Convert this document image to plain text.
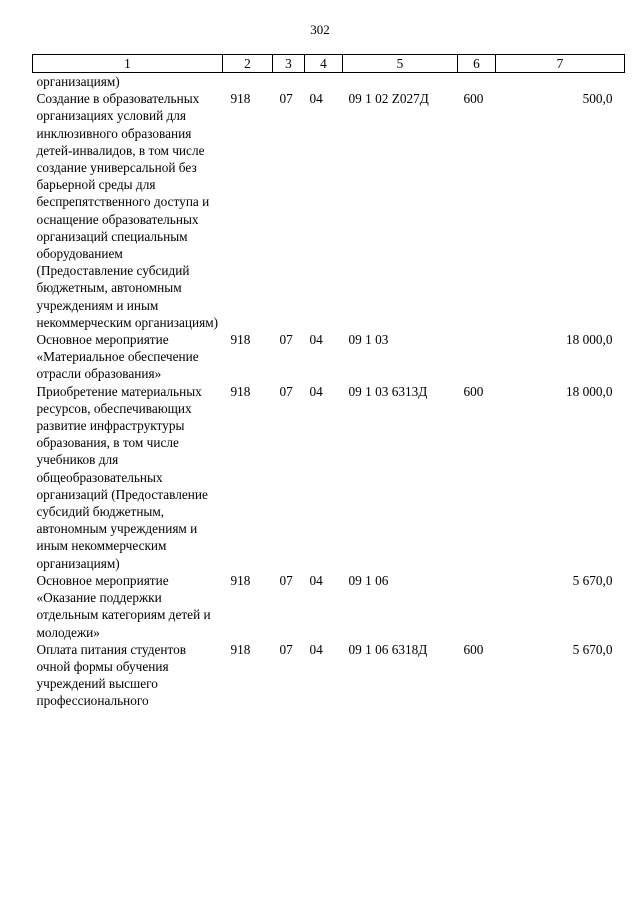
302
1	2	3	4	5	6	7
организациям)						
Создание в образовательных организациях условий для инклюзивного образования детей-инвалидов, в том числе создание универсальной без барьерной среды для беспрепятственного доступа и оснащение образовательных организаций специальным оборудованием (Предоставление субсидий бюджетным, автономным учреждениям и иным некоммерческим организациям)	918	07	04	09 1 02 Z027Д	600	500,0
Основное мероприятие «Материальное обеспечение отрасли образования»	918	07	04	09 1 03		18 000,0
Приобретение материальных ресурсов, обеспечивающих развитие инфраструктуры образования, в том числе учебников для общеобразовательных организаций (Предоставление субсидий бюджетным, автономным учреждениям и иным некоммерческим организациям)	918	07	04	09 1 03 6313Д	600	18 000,0
Основное мероприятие «Оказание поддержки отдельным категориям детей и молодежи»	918	07	04	09 1 06		5 670,0
Оплата питания студентов очной формы обучения учреждений высшего профессионального	918	07	04	09 1 06 6318Д	600	5 670,0
